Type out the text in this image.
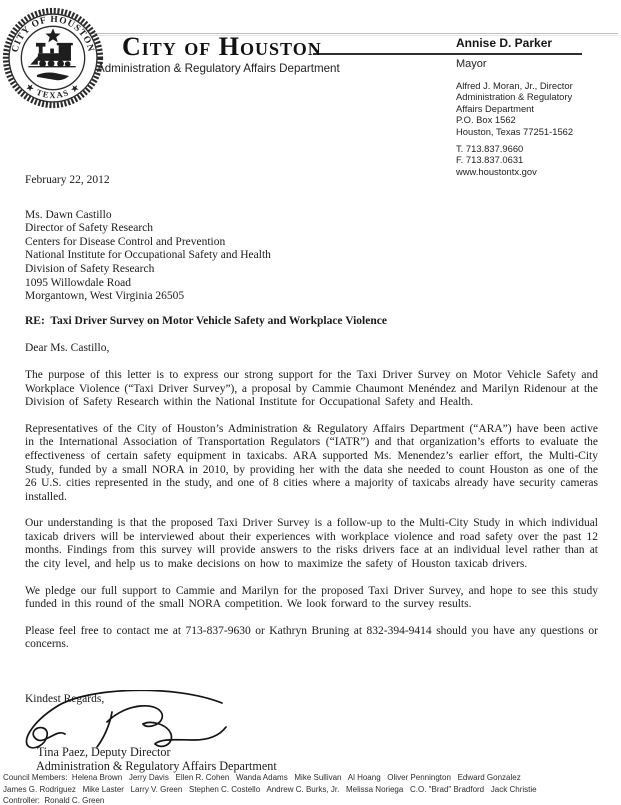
CITY OF HOUSTON
★ TEXAS ★
City of Houston
Administration & Regulatory Affairs Department
Annise D. Parker
Mayor
Alfred J. Moran, Jr., Director
Administration & Regulatory
Affairs Department
P.O. Box 1562
Houston, Texas 77251-1562
T. 713.837.9660
F. 713.837.0631
www.houstontx.gov
February 22, 2012
Ms. Dawn Castillo
Director of Safety Research
Centers for Disease Control and Prevention
National Institute for Occupational Safety and Health
Division of Safety Research
1095 Willowdale Road
Morgantown, West Virginia 26505
RE:  Taxi Driver Survey on Motor Vehicle Safety and Workplace Violence
Dear Ms. Castillo,

The purpose of this letter is to express our strong support for the Taxi Driver Survey on Motor Vehicle Safety and Workplace Violence (“Taxi Driver Survey”), a proposal by Cammie Chaumont Menéndez and Marilyn Ridenour at the Division of Safety Research within the National Institute for Occupational Safety and Health.

Representatives of the City of Houston’s Administration & Regulatory Affairs Department (“ARA”) have been active in the International Association of Transportation Regulators (“IATR”) and that organization’s efforts to evaluate the effectiveness of certain safety equipment in taxicabs. ARA supported Ms. Menendez’s earlier effort, the Multi-City Study, funded by a small NORA in 2010, by providing her with the data she needed to count Houston as one of the 26 U.S. cities represented in the study, and one of 8 cities where a majority of taxicabs already have security cameras installed.

Our understanding is that the proposed Taxi Driver Survey is a follow-up to the Multi-City Study in which individual taxicab drivers will be interviewed about their experiences with workplace violence and road safety over the past 12 months. Findings from this survey will provide answers to the risks drivers face at an individual level rather than at the city level, and help us to make decisions on how to maximize the safety of Houston taxicab drivers.

We pledge our full support to Cammie and Marilyn for the proposed Taxi Driver Survey, and hope to see this study funded in this round of the small NORA competition. We look forward to the survey results.

Please feel free to contact me at 713-837-9630 or Kathryn Bruning at 832-394-9414 should you have any questions or concerns.

Kindest Regards,
Tina Paez, Deputy Director
Administration & Regulatory Affairs Department
Council Members:  Helena Brown   Jerry Davis   Ellen R. Cohen   Wanda Adams   Mike Sullivan   Al Hoang   Oliver Pennington   Edward Gonzalez
James G. Rodriguez   Mike Laster   Larry V. Green   Stephen C. Costello   Andrew C. Burks, Jr.   Melissa Noriega   C.O. "Brad" Bradford   Jack Christie
Controller:  Ronald C. Green
